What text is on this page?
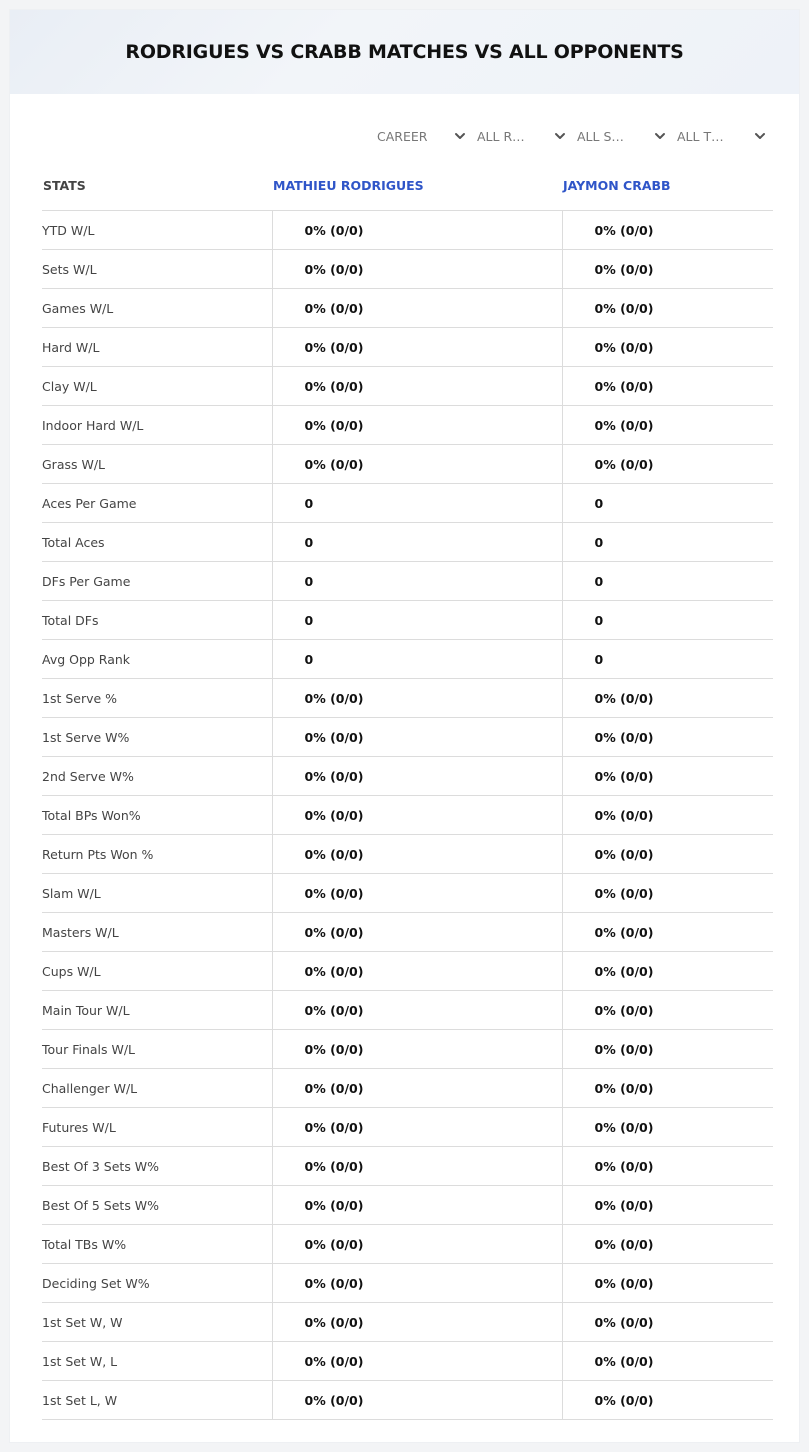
RODRIGUES VS CRABB MATCHES VS ALL OPPONENTS
CAREER	ALL R…	ALL S…	ALL T…
STATS	MATHIEU RODRIGUES	JAYMON CRABB
YTD W/L	0% (0/0)	0% (0/0)
Sets W/L	0% (0/0)	0% (0/0)
Games W/L	0% (0/0)	0% (0/0)
Hard W/L	0% (0/0)	0% (0/0)
Clay W/L	0% (0/0)	0% (0/0)
Indoor Hard W/L	0% (0/0)	0% (0/0)
Grass W/L	0% (0/0)	0% (0/0)
Aces Per Game	0	0
Total Aces	0	0
DFs Per Game	0	0
Total DFs	0	0
Avg Opp Rank	0	0
1st Serve %	0% (0/0)	0% (0/0)
1st Serve W%	0% (0/0)	0% (0/0)
2nd Serve W%	0% (0/0)	0% (0/0)
Total BPs Won%	0% (0/0)	0% (0/0)
Return Pts Won %	0% (0/0)	0% (0/0)
Slam W/L	0% (0/0)	0% (0/0)
Masters W/L	0% (0/0)	0% (0/0)
Cups W/L	0% (0/0)	0% (0/0)
Main Tour W/L	0% (0/0)	0% (0/0)
Tour Finals W/L	0% (0/0)	0% (0/0)
Challenger W/L	0% (0/0)	0% (0/0)
Futures W/L	0% (0/0)	0% (0/0)
Best Of 3 Sets W%	0% (0/0)	0% (0/0)
Best Of 5 Sets W%	0% (0/0)	0% (0/0)
Total TBs W%	0% (0/0)	0% (0/0)
Deciding Set W%	0% (0/0)	0% (0/0)
1st Set W, W	0% (0/0)	0% (0/0)
1st Set W, L	0% (0/0)	0% (0/0)
1st Set L, W	0% (0/0)	0% (0/0)
